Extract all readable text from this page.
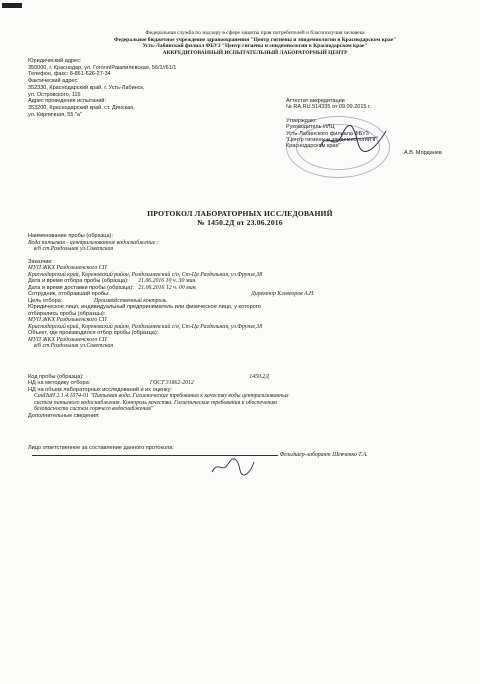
Федеральная служба по надзору в сфере защиты прав потребителей и благополучия человека
Федеральное бюджетное учреждение здравоохранения "Центр гигиены и эпидемиологии в Краснодарском крае"
Усть-Лабинский филиал ФБУЗ "Центр гигиены и эпидемиологии в Краснодарском крае"
АККРЕДИТОВАННЫЙ ИСПЫТАТЕЛЬНЫЙ ЛАБОРАТОРНЫЙ ЦЕНТР
Юридический адрес:
350000, г. Краснодар, ул. Гоголя/Рашпилевская, 56/1//61/1
Телефон, факс: 8-861-626-27-34
Фактический адрес:
352330, Краснодарский край, г. Усть-Лабинск,
ул. Островского, 115
Адрес проведения испытаний:
353200, Краснодарский край, ст. Динская,
ул. Кирпичная, 55 "а"
Аттестат аккредитации
№ RA.RU.514335 от 09.09.2015 г.
Утверждаю:
Руководитель ИЛЦ
Усть-Лабинского филиала ФБУЗ
"Центр гигиены и эпидемиологии в
Краснодарском крае"
А.В. Морданев
ПРОТОКОЛ ЛАБОРАТОРНЫХ ИССЛЕДОВАНИЙ
№ 1450.2Д от 23.06.2016
Наименование пробы (образца):
Вода питьевая - централизованное водоснабжение :
в/б ст.Раздольная ул.Советская
Заказчик:
МУП ЖКХ Раздольненского СП
Краснодарский край, Кореновский район, Раздольненский с/о, Ст-Ца Раздольная, ул.Фрунзе,38
Дата и время отбора пробы (образца): 21.06.2016 10 ч. 30 мин.
Дата и время доставки пробы (образца): 21.06.2016 12 ч. 00 мин.
Сотрудник, отобравший пробы:	Директор Клевеоров А.Н.
Цель отбора:	Производственный контроль
Юридическое лицо, индивидуальный предприниматель или физическое лицо, у которого
отбирались пробы (образцы):
МУП ЖКХ Раздольненского СП
Краснодарский край, Кореновский район, Раздольненский с/о, Ст-Ца Раздольная, ул.Фрунзе,38
Объект, где производился отбор пробы (образца):
МУП ЖКХ Раздольненского СП
в/б ст.Раздольная ул.Советская
Код пробы (образца):	1450.2Д
НД на методику отбора:	ГОСТ 31862-2012
НД на объем лабораторных исследований и их оценку:
СанПиН 2.1.4.1074-01 "Питьевая вода. Гигиенические требования к качеству воды централизованных
систем питьевого водоснабжения. Контроль качества. Гигиенические требования к обеспечению
безопасности систем горячего водоснабжения"
Дополнительные сведения:
Лицо ответственное за составление данного протокола:
Фельдшер-лаборант Шевченко Т.А.
